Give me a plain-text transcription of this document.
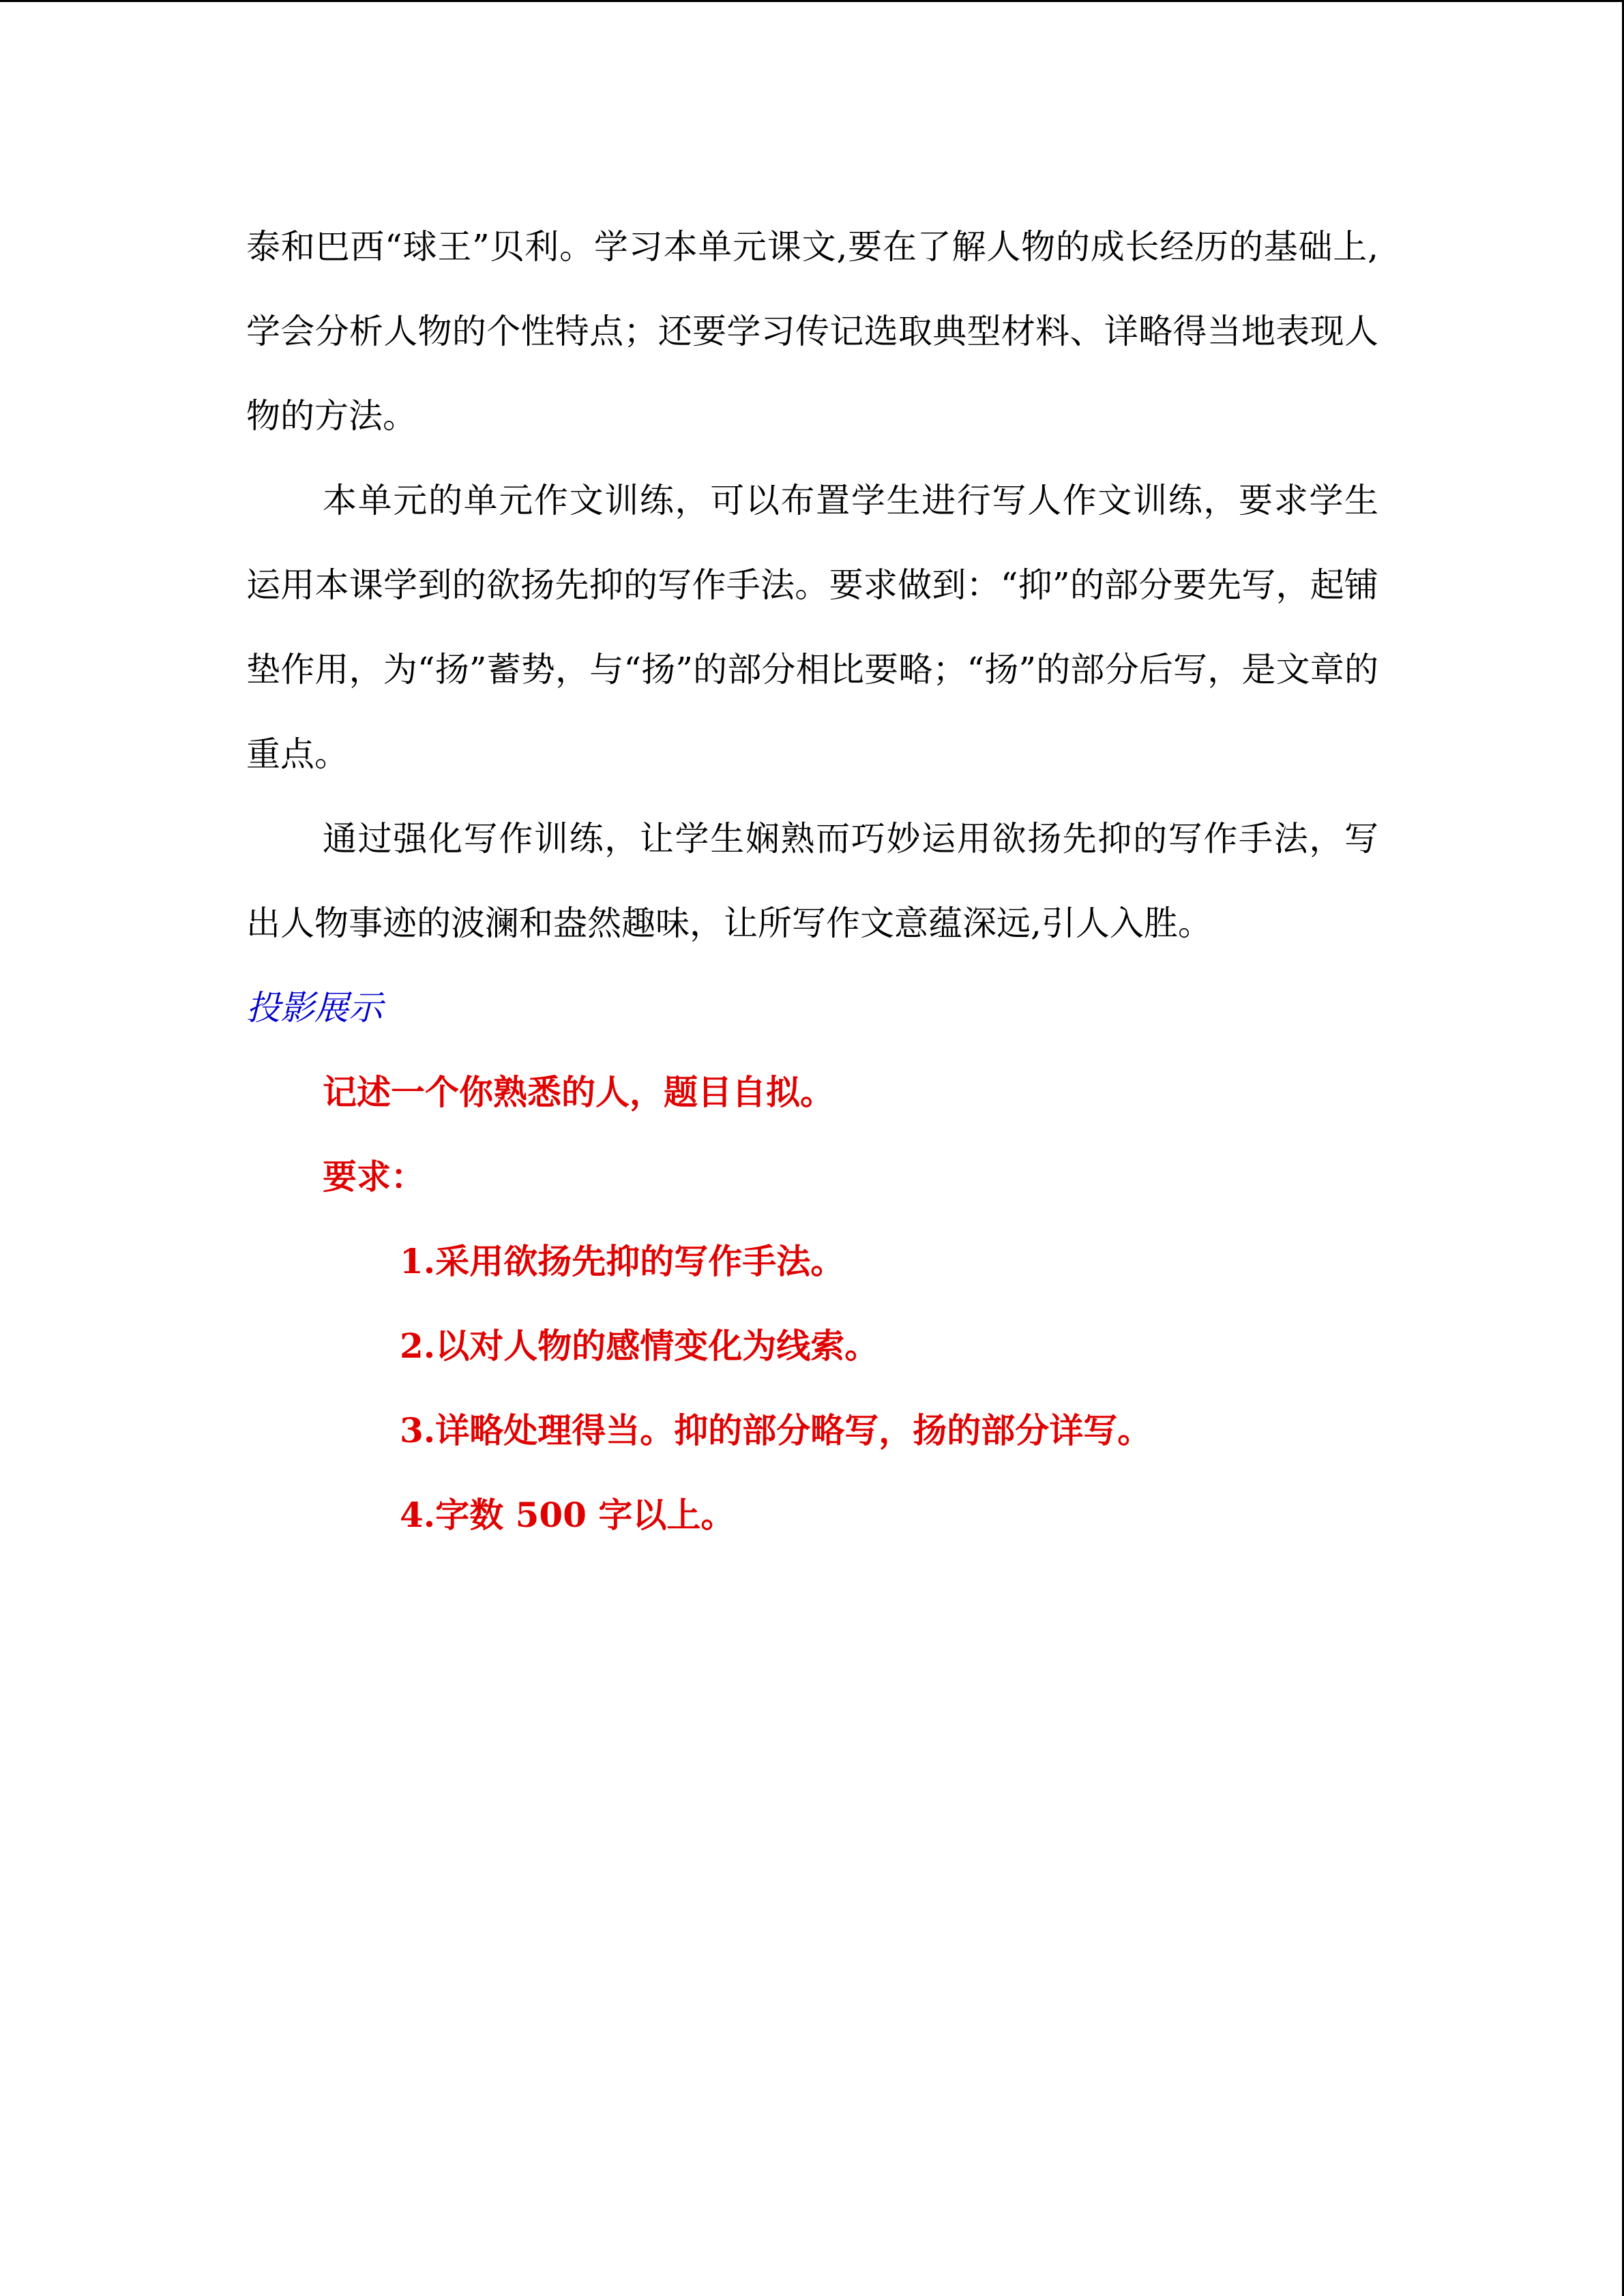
泰和巴西“球王”贝利。学习本单元课文,要在了解人物的成长经历的基础上,学会分析人物的个性特点；还要学习传记选取典型材料、详略得当地表现人物的方法。

本单元的单元作文训练，可以布置学生进行写人作文训练，要求学生运用本课学到的欲扬先抑的写作手法。要求做到：“抑”的部分要先写，起铺垫作用，为“扬”蓄势，与“扬”的部分相比要略；“扬”的部分后写，是文章的重点。

通过强化写作训练，让学生娴熟而巧妙运用欲扬先抑的写作手法，写出人物事迹的波澜和盎然趣味，让所写作文意蕴深远,引人入胜。

投影展示

记述一个你熟悉的人，题目自拟。

要求：

1.采用欲扬先抑的写作手法。
2.以对人物的感情变化为线索。
3.详略处理得当。抑的部分略写，扬的部分详写。
4.字数 500 字以上。
